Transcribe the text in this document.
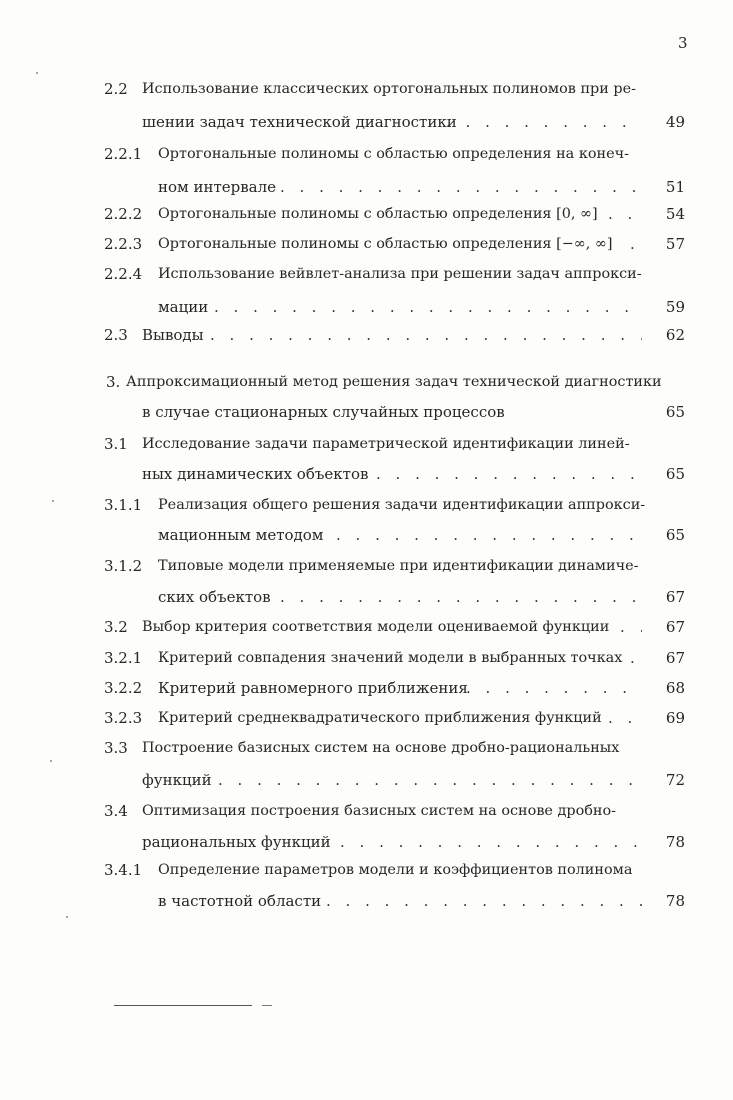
3
2.2 Использование классических ортогональных полиномов при ре-
шении задач технической диагностики . . .	49
2.2.1 Ортогональные полиномы с областью определения на конеч-
ном интервале . . .	51
2.2.2 Ортогональные полиномы с областью определения [0, ∞] . . .	54
2.2.3 Ортогональные полиномы с областью определения [−∞, ∞] . . .	57
2.2.4 Использование вейвлет-анализа при решении задач аппрокси-
мации . . .	59
2.3 Выводы . . .	62
3. Аппроксимационный метод решения задач технической диагностики
в случае стационарных случайных процессов	65
3.1 Исследование задачи параметрической идентификации линей-
ных динамических объектов . . .	65
3.1.1 Реализация общего решения задачи идентификации аппрокси-
мационным методом . . .	65
3.1.2 Типовые модели применяемые при идентификации динамиче-
ских объектов . . .	67
3.2 Выбор критерия соответствия модели оцениваемой функции . . .	67
3.2.1 Критерий совпадения значений модели в выбранных точках . . .	67
3.2.2 Критерий равномерного приближения . . .	68
3.2.3 Критерий среднеквадратического приближения функций . . .	69
3.3 Построение базисных систем на основе дробно-рациональных
функций . . .	72
3.4 Оптимизация построения базисных систем на основе дробно-
рациональных функций . . .	78
3.4.1 Определение параметров модели и коэффициентов полинома
в частотной области . . .	78
